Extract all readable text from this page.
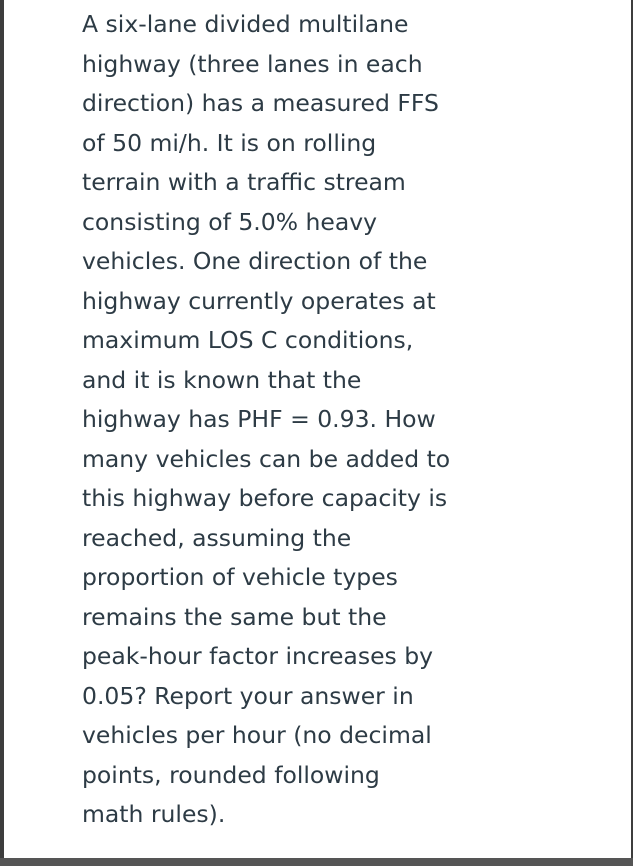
A six-lane divided multilane
highway (three lanes in each
direction) has a measured FFS
of 50 mi/h. It is on rolling
terrain with a traffic stream
consisting of 5.0% heavy
vehicles. One direction of the
highway currently operates at
maximum LOS C conditions,
and it is known that the
highway has PHF = 0.93. How
many vehicles can be added to
this highway before capacity is
reached, assuming the
proportion of vehicle types
remains the same but the
peak-hour factor increases by
0.05? Report your answer in
vehicles per hour (no decimal
points, rounded following
math rules).
